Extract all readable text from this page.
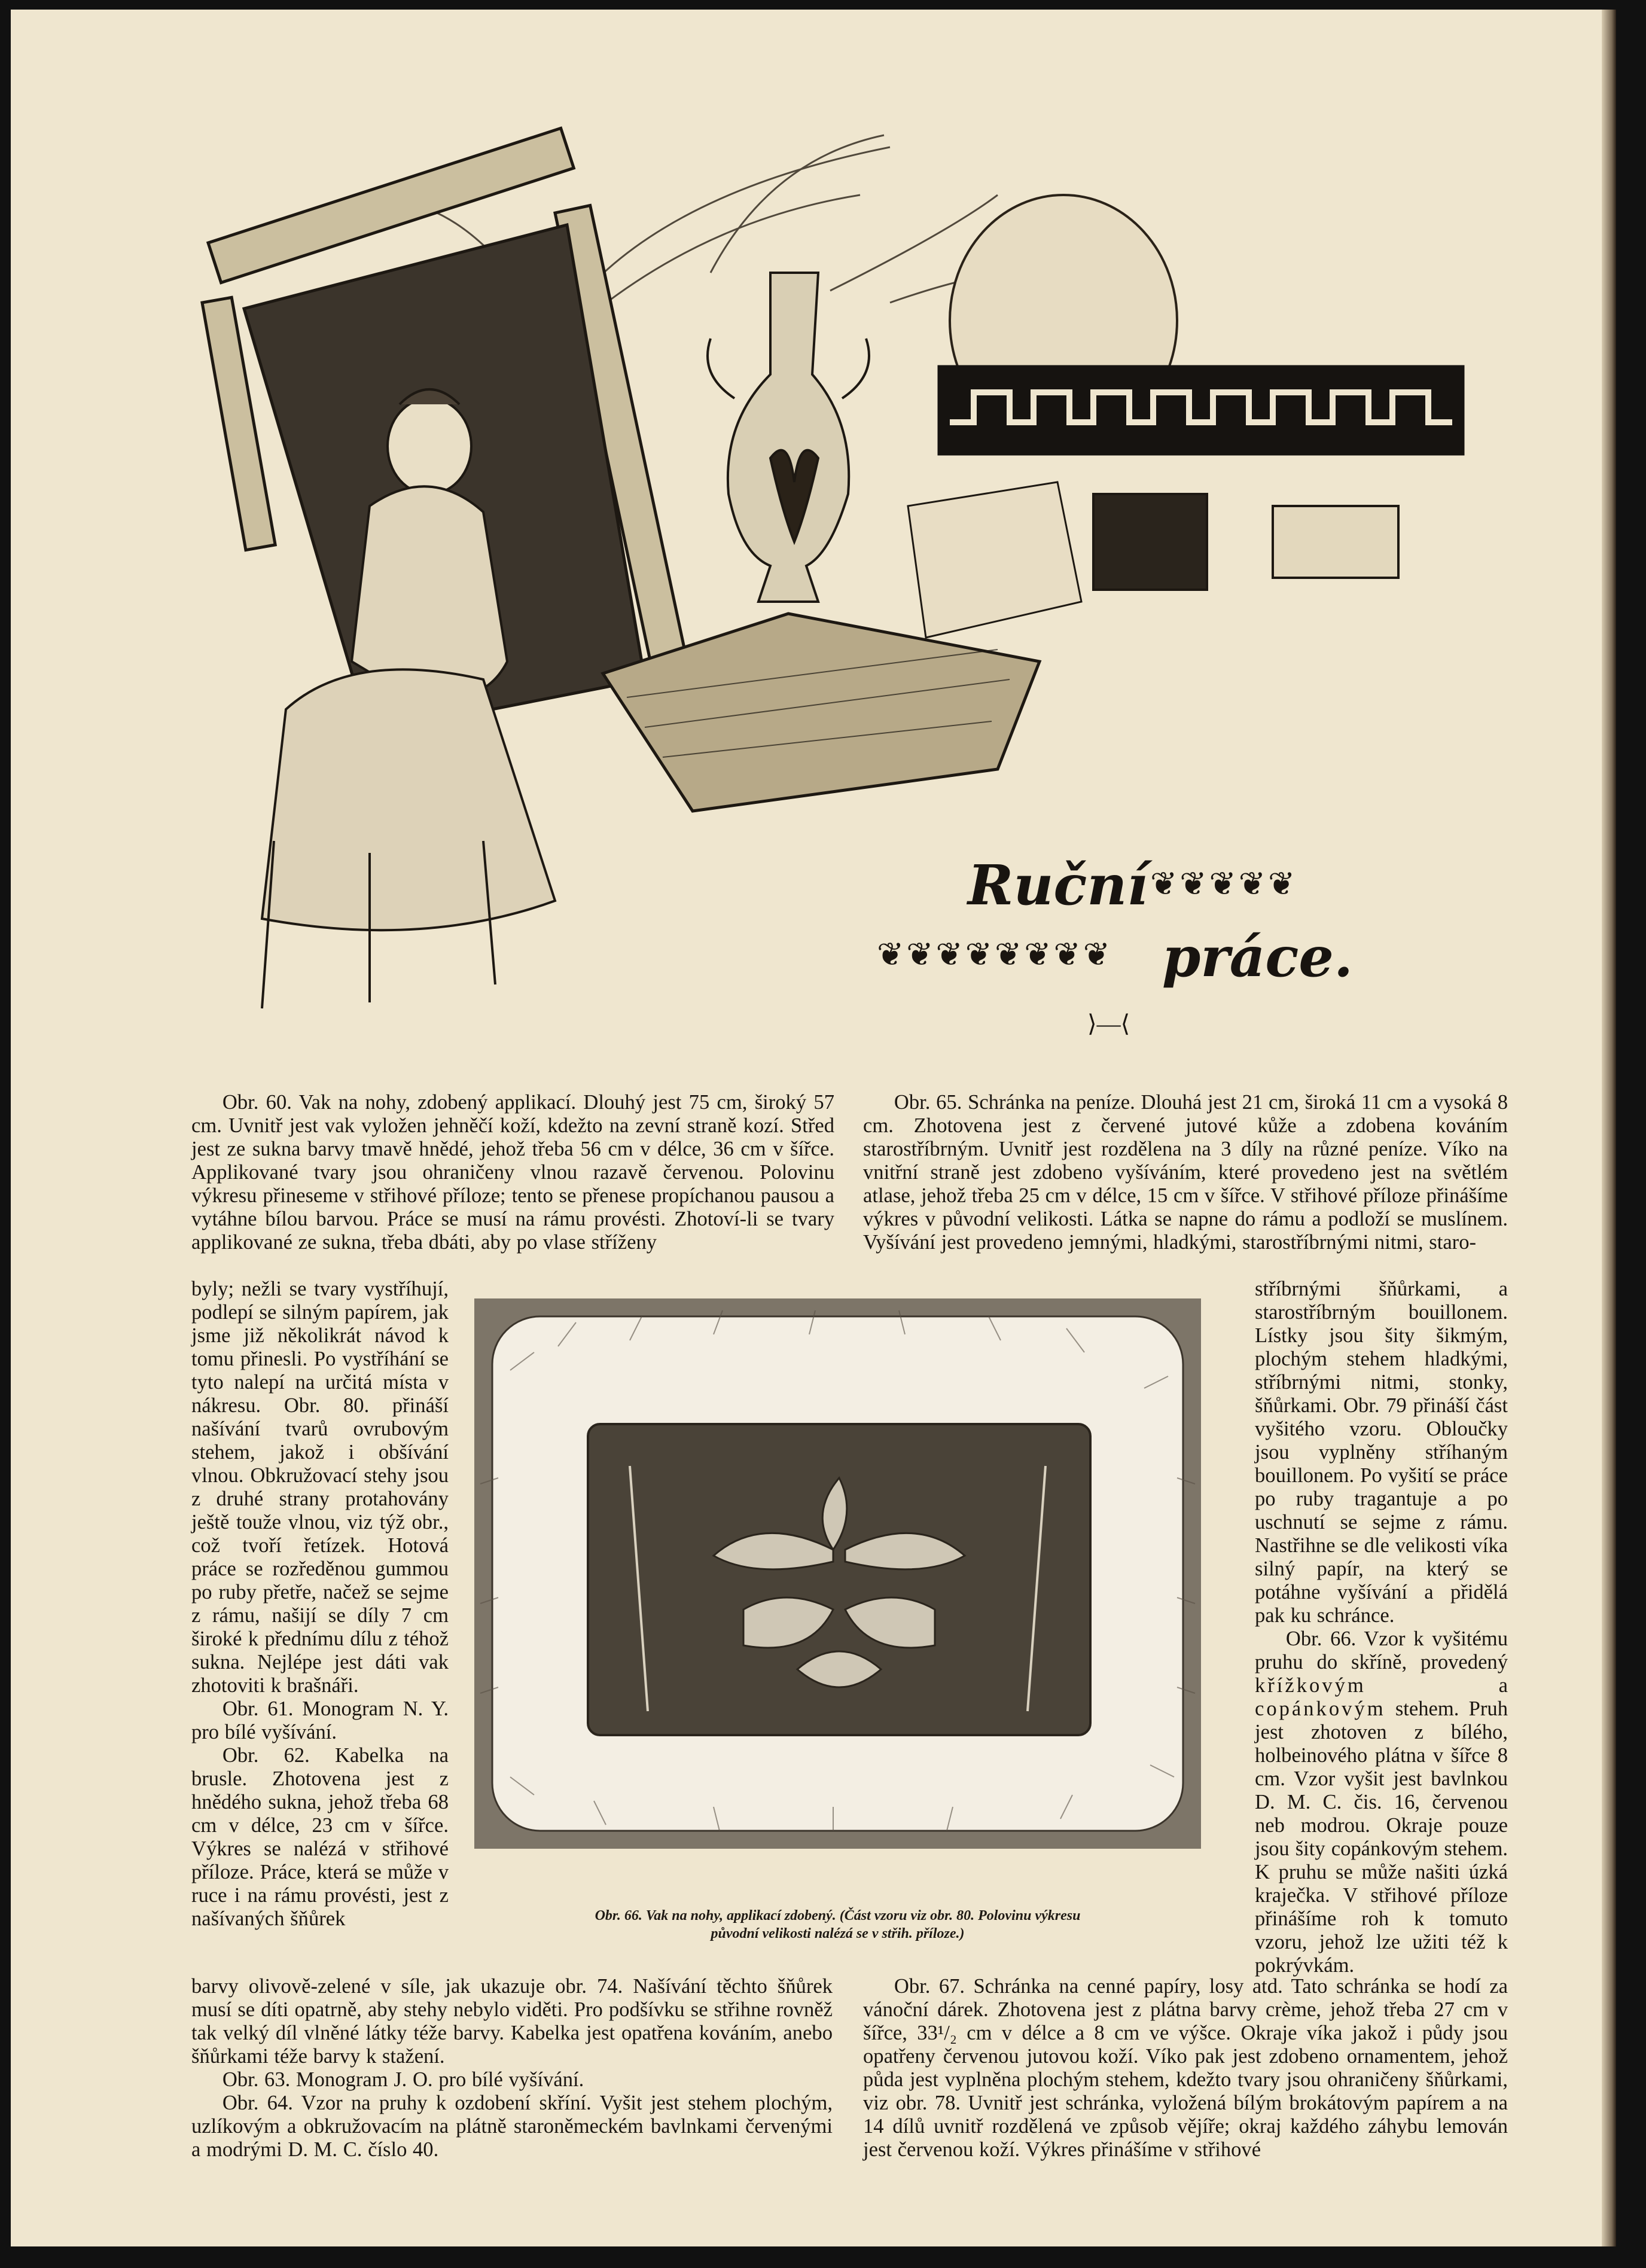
Ruční ❦❦❦❦❦
❦❦❦❦❦❦❦❦ práce.
⟩—⟨

Obr. 60. Vak na nohy, zdobený applikací. Dlouhý jest 75 cm, široký 57 cm. Uvnitř jest vak vyložen jehněčí koží, kdežto na zevní straně kozí. Střed jest ze sukna barvy tmavě hnědé, jehož třeba 56 cm v délce, 36 cm v šířce. Applikované tvary jsou ohraničeny vlnou razavě červenou. Polovinu výkresu přineseme v střihové příloze; tento se přenese propíchanou pausou a vytáhne bílou barvou. Práce se musí na rámu provésti. Zhotoví-li se tvary applikované ze sukna, třeba dbáti, aby po vlase stříženy

byly; nežli se tvary vystříhují, podlepí se silným papírem, jak jsme již několikrát návod k tomu přinesli. Po vystříhání se tyto nalepí na určitá místa v nákresu. Obr. 80. přináší našívání tvarů ovrubovým stehem, jakož i obšívání vlnou. Obkružovací stehy jsou z druhé strany protahovány ještě touže vlnou, viz týž obr., což tvoří řetízek. Hotová práce se rozředěnou gummou po ruby přetře, načež se sejme z rámu, našijí se díly 7 cm široké k přednímu dílu z téhož sukna. Nejlépe jest dáti vak zhotoviti k brašnáři.

Obr. 61. Monogram N. Y. pro bílé vyšívání.

Obr. 62. Kabelka na brusle. Zhotovena jest z hnědého sukna, jehož třeba 68 cm v délce, 23 cm v šířce. Výkres se nalézá v střihové příloze. Práce, která se může v ruce i na rámu provésti, jest z našívaných šňůrek

barvy olivově-zelené v síle, jak ukazuje obr. 74. Našívání těchto šňůrek musí se díti opatrně, aby stehy nebylo viděti. Pro podšívku se střihne rovněž tak velký díl vlněné látky téže barvy. Kabelka jest opatřena kováním, anebo šňůrkami téže barvy k stažení.

Obr. 63. Monogram J. O. pro bílé vyšívání.

Obr. 64. Vzor na pruhy k ozdobení skříní. Vyšit jest stehem plochým, uzlíkovým a obkružovacím na plátně staroněmeckém bavlnkami červenými a modrými D. M. C. číslo 40.

Obr. 65. Schránka na peníze. Dlouhá jest 21 cm, široká 11 cm a vysoká 8 cm. Zhotovena jest z červené jutové kůže a zdobena kováním starostříbrným. Uvnitř jest rozdělena na 3 díly na různé peníze. Víko na vnitřní straně jest zdobeno vyšíváním, které provedeno jest na světlém atlase, jehož třeba 25 cm v délce, 15 cm v šířce. V střihové příloze přinášíme výkres v původní velikosti. Látka se napne do rámu a podloží se muslínem. Vyšívání jest provedeno jemnými, hladkými, starostříbrnými nitmi, staro-

stříbrnými šňůrkami, a starostříbrným bouillonem. Lístky jsou šity šikmým, plochým stehem hladkými, stříbrnými nitmi, stonky, šňůrkami. Obr. 79 přináší část vyšitého vzoru. Obloučky jsou vyplněny stříhaným bouillonem. Po vyšití se práce po ruby tragantuje a po uschnutí se sejme z rámu. Nastřihne se dle velikosti víka silný papír, na který se potáhne vyšívání a přidělá pak ku schránce.

Obr. 66. Vzor k vyšitému pruhu do skříně, provedený křížkovým a copánkovým stehem. Pruh jest zhotoven z bílého, holbeinového plátna v šířce 8 cm. Vzor vyšit jest bavlnkou D. M. C. čis. 16, červenou neb modrou. Okraje pouze jsou šity copánkovým stehem. K pruhu se může našiti úzká kraječka. V střihové příloze přinášíme roh k tomuto vzoru, jehož lze užiti též k pokrývkám.

Obr. 67. Schránka na cenné papíry, losy atd. Tato schránka se hodí za vánoční dárek. Zhotovena jest z plátna barvy crème, jehož třeba 27 cm v šířce, 33¹/₂ cm v délce a 8 cm ve výšce. Okraje víka jakož i půdy jsou opatřeny červenou jutovou koží. Víko pak jest zdobeno ornamentem, jehož půda jest vyplněna plochým stehem, kdežto tvary jsou ohraničeny šňůrkami, viz obr. 78. Uvnitř jest schránka, vyložená bílým brokátovým papírem a na 14 dílů uvnitř rozdělená ve způsob vějíře; okraj každého záhybu lemován jest červenou koží. Výkres přinášíme v střihové

Obr. 66. Vak na nohy, applikací zdobený. (Část vzoru viz obr. 80. Polovinu výkresu
původní velikosti nalézá se v střih. příloze.)
